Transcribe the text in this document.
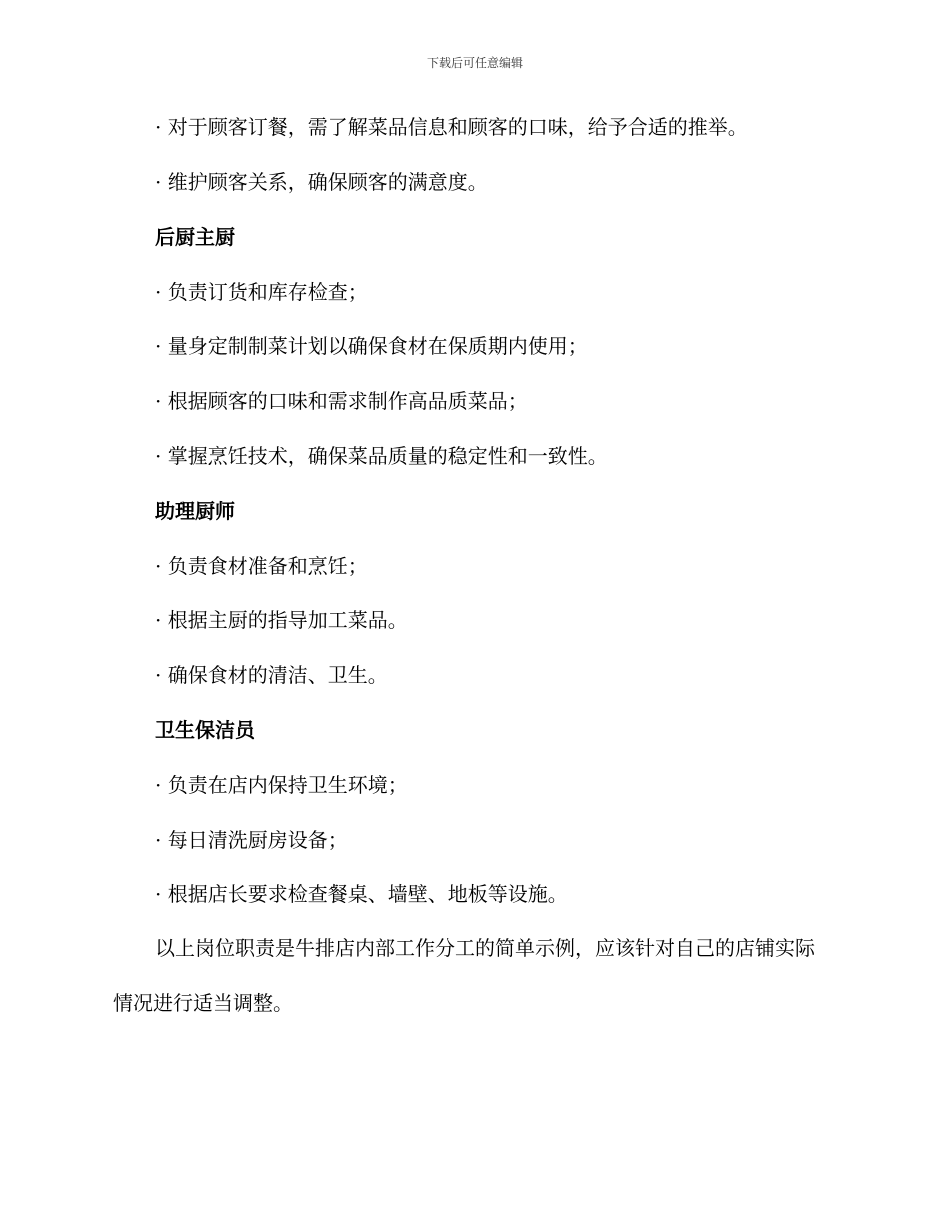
下载后可任意编辑
· 对于顾客订餐，需了解菜品信息和顾客的口味，给予合适的推举。
· 维护顾客关系，确保顾客的满意度。
后厨主厨
· 负责订货和库存检查；
· 量身定制制菜计划以确保食材在保质期内使用；
· 根据顾客的口味和需求制作高品质菜品；
· 掌握烹饪技术，确保菜品质量的稳定性和一致性。
助理厨师
· 负责食材准备和烹饪；
· 根据主厨的指导加工菜品。
· 确保食材的清洁、卫生。
卫生保洁员
· 负责在店内保持卫生环境；
· 每日清洗厨房设备；
· 根据店长要求检查餐桌、墙壁、地板等设施。
以上岗位职责是牛排店内部工作分工的简单示例，应该针对自己的店铺实际情况进行适当调整。
